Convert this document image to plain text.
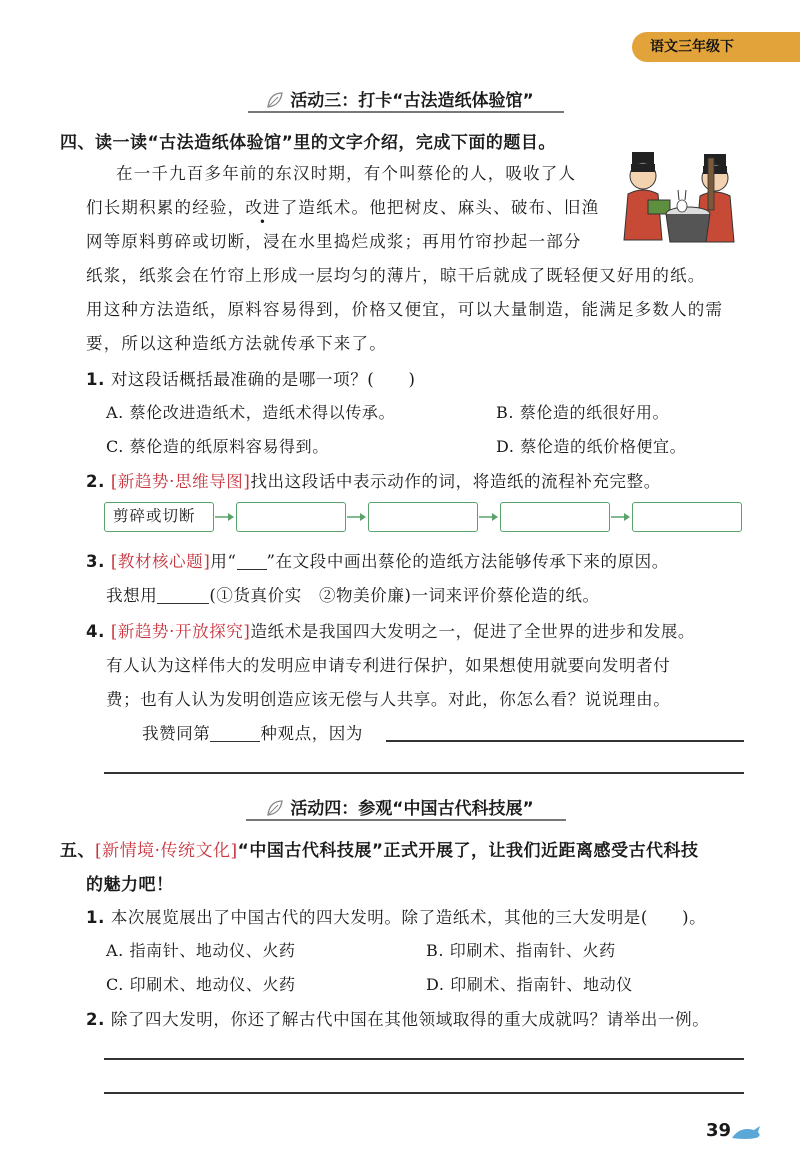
语文三年级下
活动三：打卡“古法造纸体验馆”
四、读一读“古法造纸体验馆”里的文字介绍，完成下面的题目。
在一千九百多年前的东汉时期，有个叫蔡伦的人，吸收了人
们长期积累的经验，改进了造纸术。他把树皮、麻头、破布、旧渔
网等原料剪碎或切断，浸在水里捣烂成浆；再用竹帘抄起一部分
纸浆，纸浆会在竹帘上形成一层均匀的薄片，晾干后就成了既轻便又好用的纸。
用这种方法造纸，原料容易得到，价格又便宜，可以大量制造，能满足多数人的需
要，所以这种造纸方法就传承下来了。
1. 对这段话概括最准确的是哪一项？(　　)
A. 蔡伦改进造纸术，造纸术得以传承。	B. 蔡伦造的纸很好用。
C. 蔡伦造的纸原料容易得到。	D. 蔡伦造的纸价格便宜。
2. [新趋势·思维导图]找出这段话中表示动作的词，将造纸的流程补充完整。
剪碎或切断
3. [教材核心题]用“ ”在文段中画出蔡伦的造纸方法能够传承下来的原因。
我想用	(①货真价实　②物美价廉)一词来评价蔡伦造的纸。
4. [新趋势·开放探究]造纸术是我国四大发明之一，促进了全世界的进步和发展。
有人认为这样伟大的发明应申请专利进行保护，如果想使用就要向发明者付
费；也有人认为发明创造应该无偿与人共享。对此，你怎么看？说说理由。
我赞同第	种观点，因为
活动四：参观“中国古代科技展”
五、[新情境·传统文化]“中国古代科技展”正式开展了，让我们近距离感受古代科技
的魅力吧！
1. 本次展览展出了中国古代的四大发明。除了造纸术，其他的三大发明是(　　)。
A. 指南针、地动仪、火药	B. 印刷术、指南针、火药
C. 印刷术、地动仪、火药	D. 印刷术、指南针、地动仪
2. 除了四大发明，你还了解古代中国在其他领域取得的重大成就吗？请举出一例。
39
